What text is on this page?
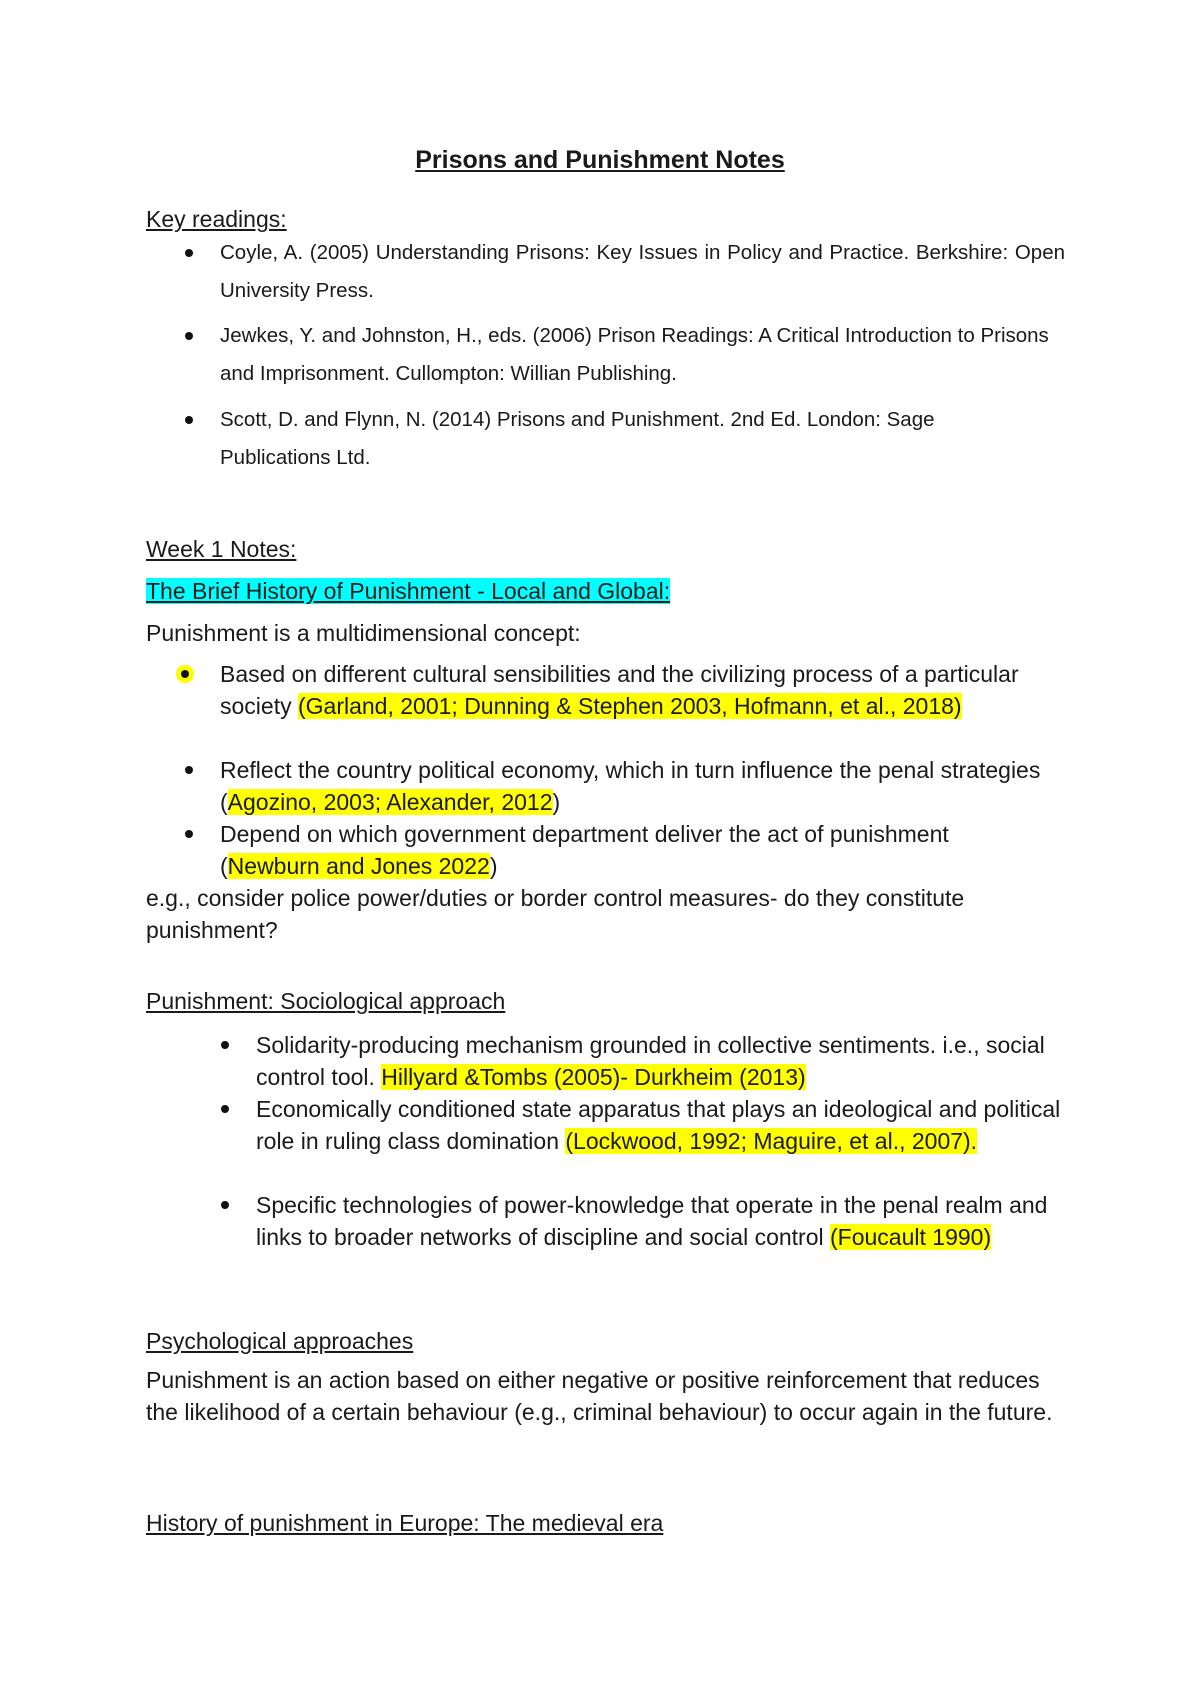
Prisons and Punishment Notes

Key readings:

Coyle, A. (2005) Understanding Prisons: Key Issues in Policy and Practice. Berkshire: Open University Press.

Jewkes, Y. and Johnston, H., eds. (2006) Prison Readings: A Critical Introduction to Prisons and Imprisonment. Cullompton: Willian Publishing.

Scott, D. and Flynn, N. (2014) Prisons and Punishment. 2nd Ed. London: Sage Publications Ltd.

Week 1 Notes:

The Brief History of Punishment - Local and Global:

Punishment is a multidimensional concept:

Based on different cultural sensibilities and the civilizing process of a particular society (Garland, 2001; Dunning & Stephen 2003, Hofmann, et al., 2018)

Reflect the country political economy, which in turn influence the penal strategies (Agozino, 2003; Alexander, 2012)

Depend on which government department deliver the act of punishment (Newburn and Jones 2022)

e.g., consider police power/duties or border control measures- do they constitute punishment?

Punishment: Sociological approach

Solidarity-producing mechanism grounded in collective sentiments. i.e., social control tool. Hillyard &Tombs (2005)- Durkheim (2013)

Economically conditioned state apparatus that plays an ideological and political role in ruling class domination (Lockwood, 1992; Maguire, et al., 2007).

Specific technologies of power-knowledge that operate in the penal realm and links to broader networks of discipline and social control (Foucault 1990)

Psychological approaches

Punishment is an action based on either negative or positive reinforcement that reduces the likelihood of a certain behaviour (e.g., criminal behaviour) to occur again in the future.

History of punishment in Europe: The medieval era
